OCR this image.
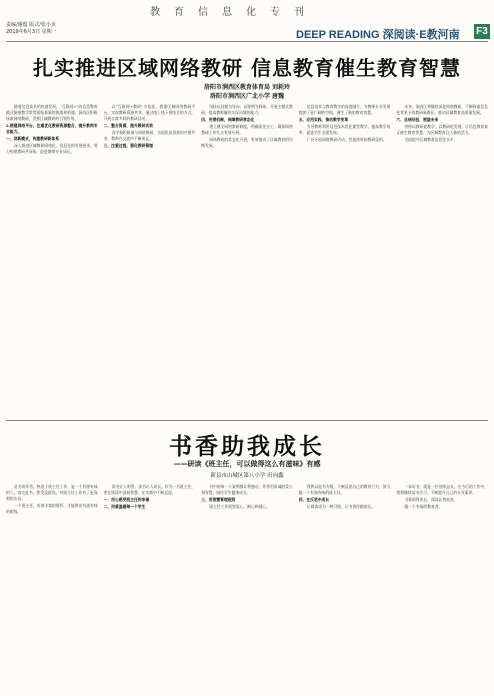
教育信息化专刊
责编/谢蕴 版式/张小贞
2019年6月3日 星期一	DEEP READING 深阅读·E教河南 F3
扎实推进区域网络教研 信息教育催生教育智慧
洛阳市涧西区教育体育局 刘耗玲
洛阳市涧西区广北小学 唐魏

随着信息技术的快速发展，“互联网+”的信息教育模式倒推教学常常面临着新的挑战和机遇。涧西区积极探索网络教研，发挥区域教研的引领作用。

2.搭建网络平台，注重优化教研资源整合，提升教师专业能力。

一、创新模式，构建教研新体系

深入推进区域教研网络化、信息化的发展要求，努力构建教研共同体，促进教师专业成长。

以“互联网+教研”为依托，搭建区域网络教研平台，实现教研资源共享。通过线上线下相结合的方式，开展丰富多彩的教研活动。

二、整合资源，提升教研实效

各学校积极参与网络教研，实现优质资源的共建共享，教师在交流中不断成长。

三、注重过程，强化教研管理

坚持以问题为导向，以课例为载体，开展主题式教研，提高教师解决实际问题的能力。

四、完善机制，保障教研常态化

建立健全网络教研制度，明确责任分工，确保网络教研工作扎实有效开展。

网络教研的常态化开展，有效推动了区域教育的均衡发展。

信息技术与教育教学的深度融合，为教师专业发展提供了更广阔的空间，催生了新的教育智慧。

五、应用实践，推动教学变革

引导教师利用信息技术优化课堂教学，提高教学效率，促进学生全面发展。

广泛开展网络教研活动，营造浓厚的教研氛围。

未来，涧西区将继续深化网络教研，不断探索信息化背景下的教研新路径，推动区域教育高质量发展。

六、总结经验，展望未来

坚持以教研促教学，以教研促发展，让信息教育真正催生教育智慧，为区域教育注入新的活力。

全面提升区域教育信息化水平。

书香助我成长
——研读《班主任，可以做得这么有滋味》有感
新县市山城区第八小学 田向鑫

此书的作者，热衷于班主任工作，是一个有滋有味的人。读完此书，我受益匪浅，对班主任工作有了更深刻的认识。

一个班主任，有着丰富的情怀，才能带出有滋有味的班级。

读书让人明智，读书让人成长。作为一名班主任，要在阅读中汲取智慧，在实践中不断反思。

一、用心感受班主任的幸福

二、用爱温暖每一个学生

书中的每一个案例都让我感动，作者用真诚的爱心和智慧，陪伴学生健康成长。

三、用智慧管理班级

班主任工作需要爱心、耐心和细心。

我将以此书为镜，不断反思自己的教育行为，努力做一个有滋有味的班主任。

四、在反思中成长

让阅读成为一种习惯，让书香伴随成长。

一本好书，就是一位良师益友。在今后的工作中，我将继续读书学习，不断提升自己的专业素养。

书香助我成长，阅读让我收获。

做一个幸福的教育者。
